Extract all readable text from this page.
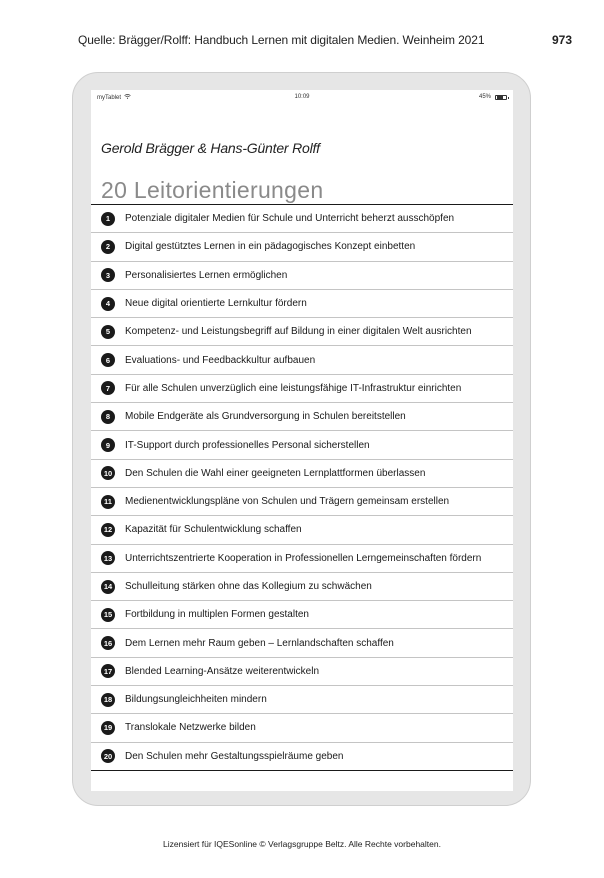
Quelle: Brägger/Rolff: Handbuch Lernen mit digitalen Medien. Weinheim 2021	973
myTablet	10:09	45%
Gerold Brägger & Hans-Günter Rolff
20 Leitorientierungen
1	Potenziale digitaler Medien für Schule und Unterricht beherzt ausschöpfen
2	Digital gestütztes Lernen in ein pädagogisches Konzept einbetten
3	Personalisiertes Lernen ermöglichen
4	Neue digital orientierte Lernkultur fördern
5	Kompetenz- und Leistungsbegriff auf Bildung in einer digitalen Welt ausrichten
6	Evaluations- und Feedbackkultur aufbauen
7	Für alle Schulen unverzüglich eine leistungsfähige IT-Infrastruktur einrichten
8	Mobile Endgeräte als Grundversorgung in Schulen bereitstellen
9	IT-Support durch professionelles Personal sicherstellen
10 Den Schulen die Wahl einer geeigneten Lernplattformen überlassen
11	Medienentwicklungspläne von Schulen und Trägern gemeinsam erstellen
12 Kapazität für Schulentwicklung schaffen
13 Unterrichtszentrierte Kooperation in Professionellen Lerngemeinschaften fördern
14 Schulleitung stärken ohne das Kollegium zu schwächen
15 Fortbildung in multiplen Formen gestalten
16 Dem Lernen mehr Raum geben – Lernlandschaften schaffen
17 Blended Learning-Ansätze weiterentwickeln
18 Bildungsungleichheiten mindern
19 Translokale Netzwerke bilden
20 Den Schulen mehr Gestaltungsspielräume geben
Lizensiert für IQESonline © Verlagsgruppe Beltz. Alle Rechte vorbehalten.
